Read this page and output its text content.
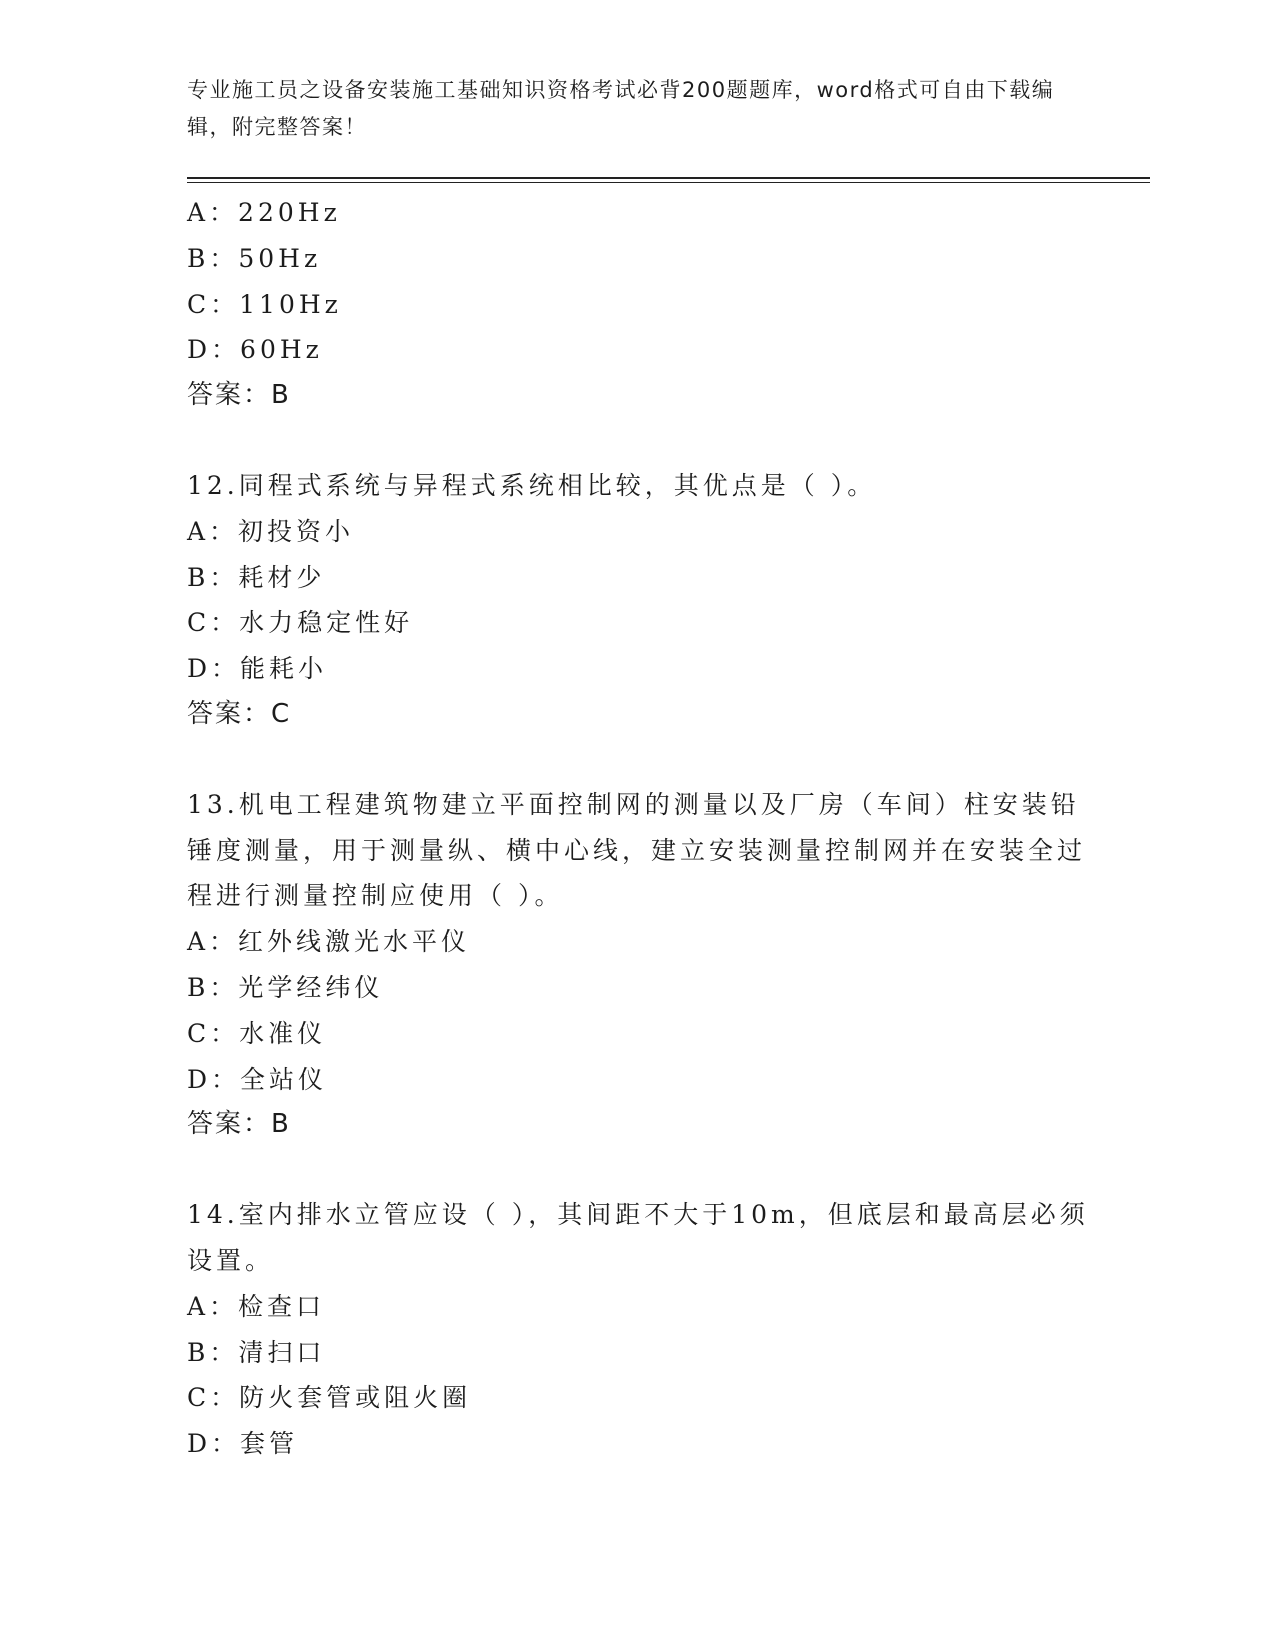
专业施工员之设备安装施工基础知识资格考试必背200题题库，word格式可自由下载编辑，附完整答案！
A：220Hz
B：50Hz
C：110Hz
D：60Hz
答案：B
12.同程式系统与异程式系统相比较，其优点是（ ）。
A：初投资小
B：耗材少
C：水力稳定性好
D：能耗小
答案：C
13.机电工程建筑物建立平面控制网的测量以及厂房（车间）柱安装铅锤度测量，用于测量纵、横中心线，建立安装测量控制网并在安装全过程进行测量控制应使用（ ）。
A：红外线激光水平仪
B：光学经纬仪
C：水准仪
D：全站仪
答案：B
14.室内排水立管应设（ ），其间距不大于10m，但底层和最高层必须设置。
A：检查口
B：清扫口
C：防火套管或阻火圈
D：套管
